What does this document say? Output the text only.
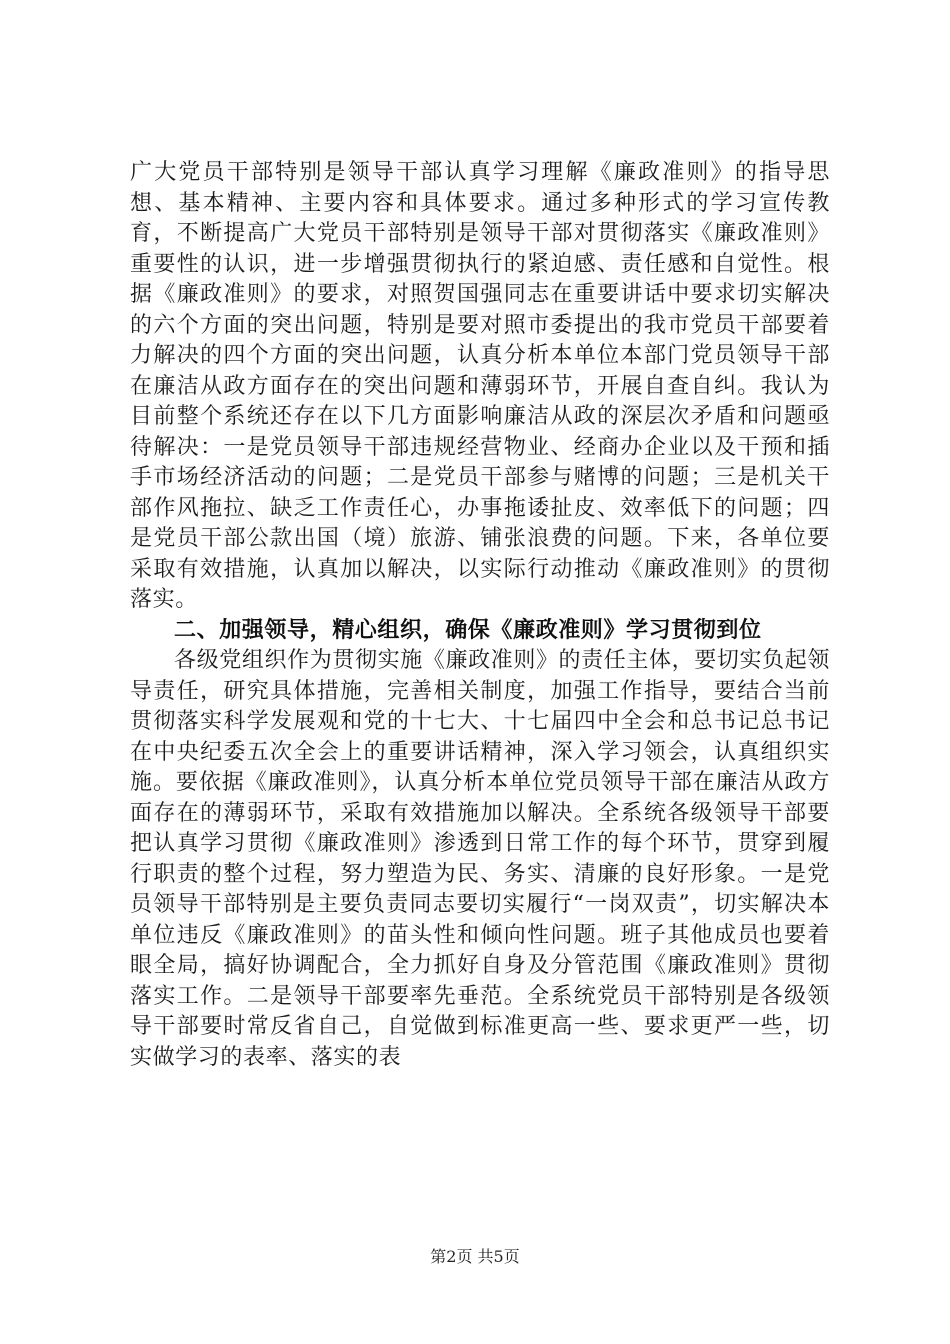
广大党员干部特别是领导干部认真学习理解《廉政准则》的指导思想、基本精神、主要内容和具体要求。通过多种形式的学习宣传教育，不断提高广大党员干部特别是领导干部对贯彻落实《廉政准则》重要性的认识，进一步增强贯彻执行的紧迫感、责任感和自觉性。根据《廉政准则》的要求，对照贺国强同志在重要讲话中要求切实解决的六个方面的突出问题，特别是要对照市委提出的我市党员干部要着力解决的四个方面的突出问题，认真分析本单位本部门党员领导干部在廉洁从政方面存在的突出问题和薄弱环节，开展自查自纠。我认为目前整个系统还存在以下几方面影响廉洁从政的深层次矛盾和问题亟待解决：一是党员领导干部违规经营物业、经商办企业以及干预和插手市场经济活动的问题；二是党员干部参与赌博的问题；三是机关干部作风拖拉、缺乏工作责任心，办事拖诿扯皮、效率低下的问题；四是党员干部公款出国（境）旅游、铺张浪费的问题。下来，各单位要采取有效措施，认真加以解决，以实际行动推动《廉政准则》的贯彻落实。

二、加强领导，精心组织，确保《廉政准则》学习贯彻到位

各级党组织作为贯彻实施《廉政准则》的责任主体，要切实负起领导责任，研究具体措施，完善相关制度，加强工作指导，要结合当前贯彻落实科学发展观和党的十七大、十七届四中全会和总书记总书记在中央纪委五次全会上的重要讲话精神，深入学习领会，认真组织实施。要依据《廉政准则》，认真分析本单位党员领导干部在廉洁从政方面存在的薄弱环节，采取有效措施加以解决。全系统各级领导干部要把认真学习贯彻《廉政准则》渗透到日常工作的每个环节，贯穿到履行职责的整个过程，努力塑造为民、务实、清廉的良好形象。一是党员领导干部特别是主要负责同志要切实履行“一岗双责”，切实解决本单位违反《廉政准则》的苗头性和倾向性问题。班子其他成员也要着眼全局，搞好协调配合，全力抓好自身及分管范围《廉政准则》贯彻落实工作。二是领导干部要率先垂范。全系统党员干部特别是各级领导干部要时常反省自己，自觉做到标准更高一些、要求更严一些，切实做学习的表率、落实的表

第2页 共5页
